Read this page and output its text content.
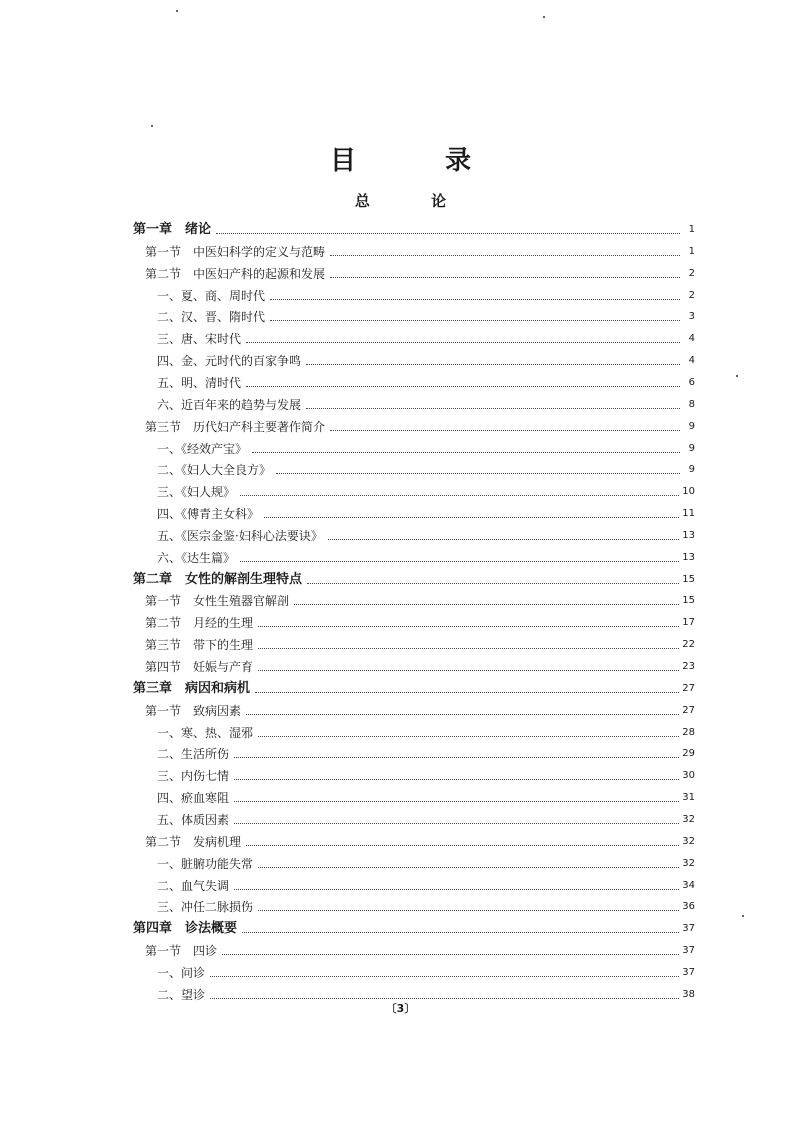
目 录
总 论
第一章　绪论	1
第一节　中医妇科学的定义与范畴	1
第二节　中医妇产科的起源和发展	2
一、夏、商、周时代	2
二、汉、晋、隋时代	3
三、唐、宋时代	4
四、金、元时代的百家争鸣	4
五、明、清时代	6
六、近百年来的趋势与发展	8
第三节　历代妇产科主要著作简介	9
一、《经效产宝》	9
二、《妇人大全良方》	9
三、《妇人规》	10
四、《傅青主女科》	11
五、《医宗金鉴·妇科心法要诀》	13
六、《达生篇》	13
第二章　女性的解剖生理特点	15
第一节　女性生殖器官解剖	15
第二节　月经的生理	17
第三节　带下的生理	22
第四节　妊娠与产育	23
第三章　病因和病机	27
第一节　致病因素	27
一、寒、热、湿邪	28
二、生活所伤	29
三、内伤七情	30
四、瘀血寒阻	31
五、体质因素	32
第二节　发病机理	32
一、脏腑功能失常	32
二、血气失调	34
三、冲任二脉损伤	36
第四章　诊法概要	37
第一节　四诊	37
一、问诊	37
二、望诊	38
〔3〕
